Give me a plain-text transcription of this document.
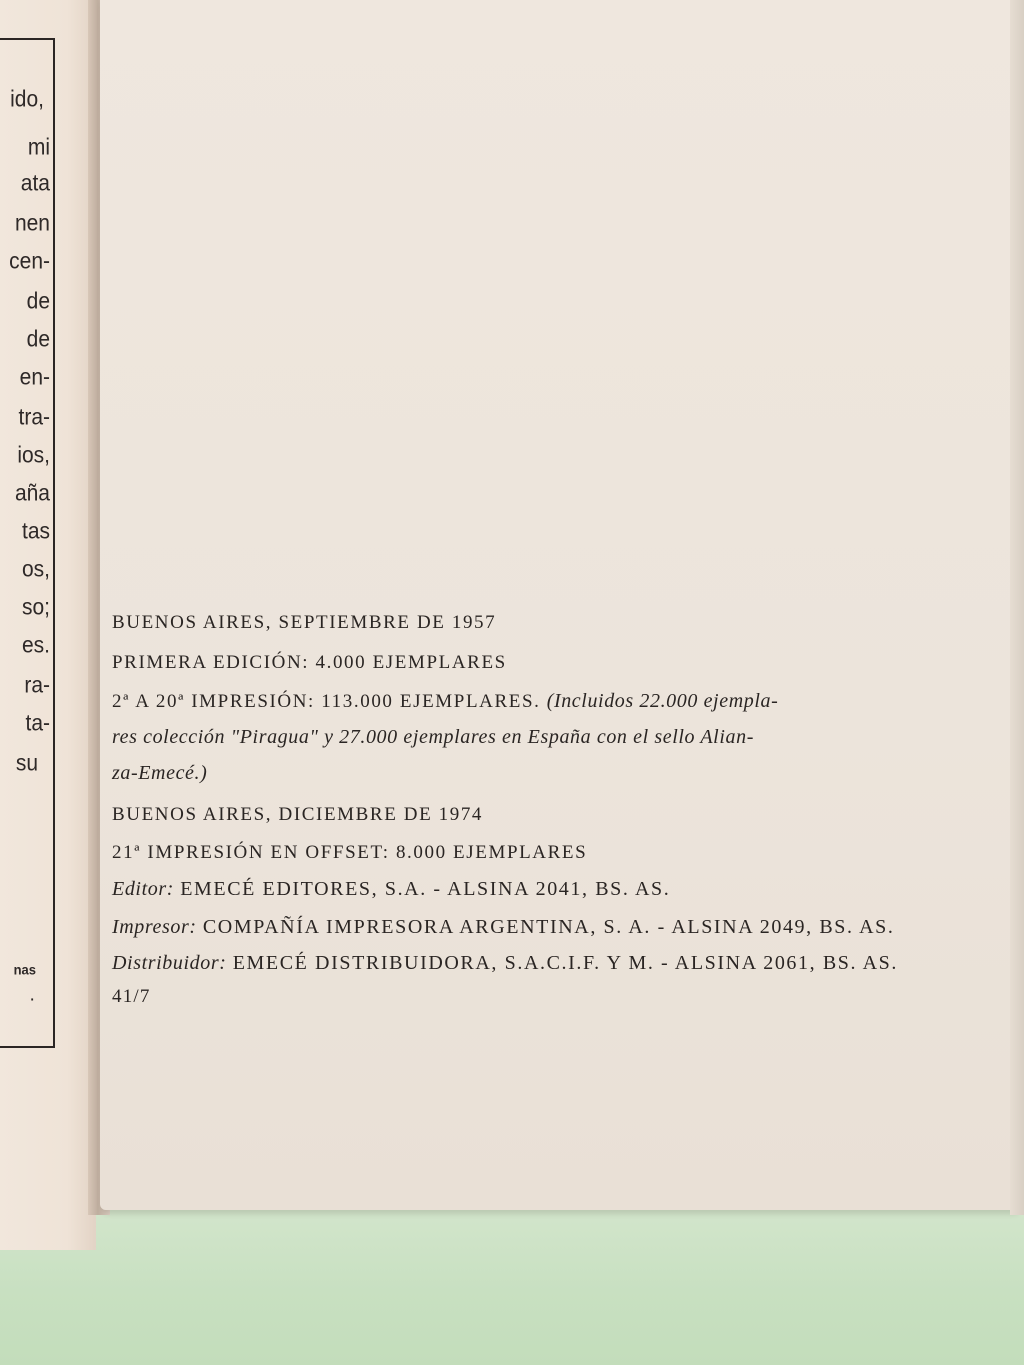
ido,
mi
ata
nen
cen-
de
de
en-
tra-
ios,
aña
tas
os,
so;
es.
ra-
ta-
su
nas
.
BUENOS AIRES, SEPTIEMBRE DE 1957
PRIMERA EDICIÓN: 4.000 EJEMPLARES
2ª A 20ª IMPRESIÓN: 113.000 EJEMPLARES. (Incluidos 22.000 ejempla-
res colección "Piragua" y 27.000 ejemplares en España con el sello Alian-
za-Emecé.)
BUENOS AIRES, DICIEMBRE DE 1974
21ª IMPRESIÓN EN OFFSET: 8.000 EJEMPLARES
Editor: EMECÉ EDITORES, S.A. - ALSINA 2041, BS. AS.
Impresor: COMPAÑÍA IMPRESORA ARGENTINA, S. A. - ALSINA 2049, BS. AS.
Distribuidor: EMECÉ DISTRIBUIDORA, S.A.C.I.F. Y M. - ALSINA 2061, BS. AS.
41/7
